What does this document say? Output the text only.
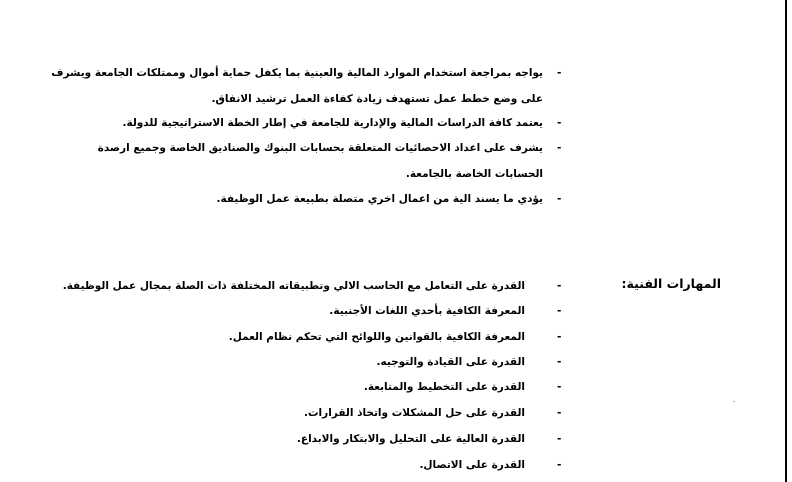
-
يواجه بمراجعة استخدام الموارد المالية والعينية بما يكفل حماية أموال وممتلكات الجامعة ويشرف
على وضع خطط عمل تستهدف زيادة كفاءة العمل ترشيد الانفاق.
-
يعتمد كافة الدراسات المالية والإدارية للجامعة في إطار الخطة الاستراتيجية للدولة.
-
يشرف على اعداد الاحصائيات المتعلقة بحسابات البنوك والصناديق الخاصة وجميع ارصدة
الحسابات الخاصة بالجامعة.
-
يؤدي ما يسند الية من اعمال اخري متصلة بطبيعة عمل الوظيفة.
المهارات الفنية:
-
القدرة على التعامل مع الحاسب الالي وتطبيقاته المختلفة ذات الصلة بمجال عمل الوظيفة.
-
المعرفة الكافية بأحدي اللغات الأجنبية.
-
المعرفة الكافية بالقوانين واللوائح التي تحكم نظام العمل.
-
القدرة على القيادة والتوجيه.
-
القدرة على التخطيط والمتابعة.
-
القدرة على حل المشكلات واتخاذ القرارات.
-
القدرة العالية على التحليل والابتكار والابداع.
-
القدرة على الاتصال.
